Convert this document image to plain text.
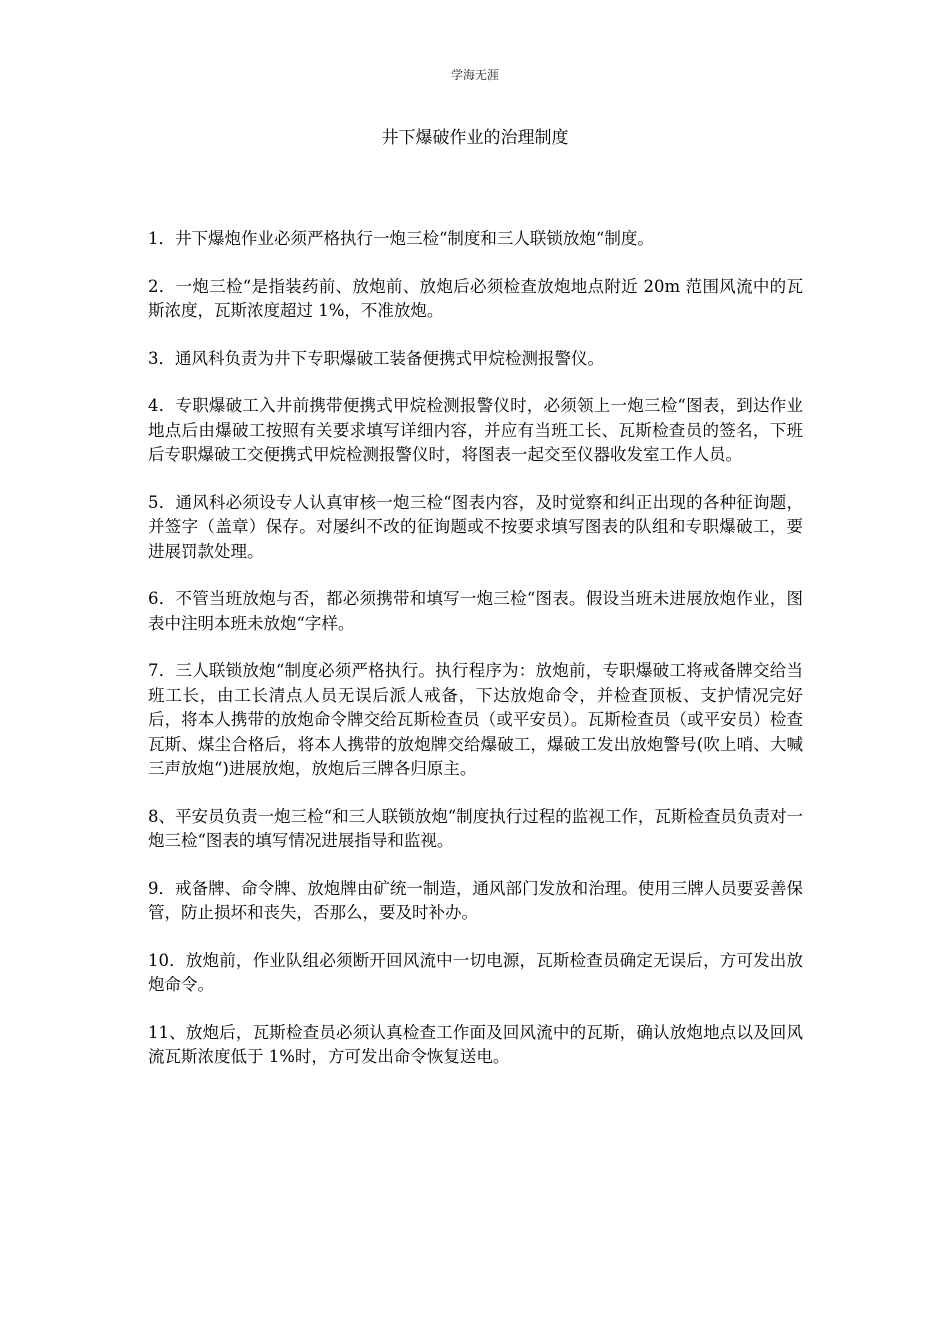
学海无涯
井下爆破作业的治理制度

1．井下爆炮作业必须严格执行一炮三检“制度和三人联锁放炮“制度。

2．一炮三检“是指装药前、放炮前、放炮后必须检查放炮地点附近 20m 范围风流中的瓦斯浓度，瓦斯浓度超过 1%，不准放炮。

3．通风科负责为井下专职爆破工装备便携式甲烷检测报警仪。

4．专职爆破工入井前携带便携式甲烷检测报警仪时，必须领上一炮三检“图表，到达作业地点后由爆破工按照有关要求填写详细内容，并应有当班工长、瓦斯检查员的签名，下班后专职爆破工交便携式甲烷检测报警仪时，将图表一起交至仪器收发室工作人员。

5．通风科必须设专人认真审核一炮三检“图表内容，及时觉察和纠正出现的各种征询题，并签字（盖章）保存。对屡纠不改的征询题或不按要求填写图表的队组和专职爆破工，要进展罚款处理。

6．不管当班放炮与否，都必须携带和填写一炮三检“图表。假设当班未进展放炮作业，图表中注明本班未放炮“字样。

7．三人联锁放炮“制度必须严格执行。执行程序为：放炮前，专职爆破工将戒备牌交给当班工长，由工长清点人员无误后派人戒备，下达放炮命令，并检查顶板、支护情况完好后，将本人携带的放炮命令牌交给瓦斯检查员（或平安员）。瓦斯检查员（或平安员）检查瓦斯、煤尘合格后，将本人携带的放炮牌交给爆破工，爆破工发出放炮警号(吹上哨、大喊三声放炮“)进展放炮，放炮后三牌各归原主。

8、平安员负责一炮三检“和三人联锁放炮“制度执行过程的监视工作，瓦斯检查员负责对一炮三检“图表的填写情况进展指导和监视。

9．戒备牌、命令牌、放炮牌由矿统一制造，通风部门发放和治理。使用三牌人员要妥善保管，防止损坏和丧失，否那么，要及时补办。

10．放炮前，作业队组必须断开回风流中一切电源，瓦斯检查员确定无误后，方可发出放炮命令。

11、放炮后，瓦斯检查员必须认真检查工作面及回风流中的瓦斯，确认放炮地点以及回风流瓦斯浓度低于 1%时，方可发出命令恢复送电。
